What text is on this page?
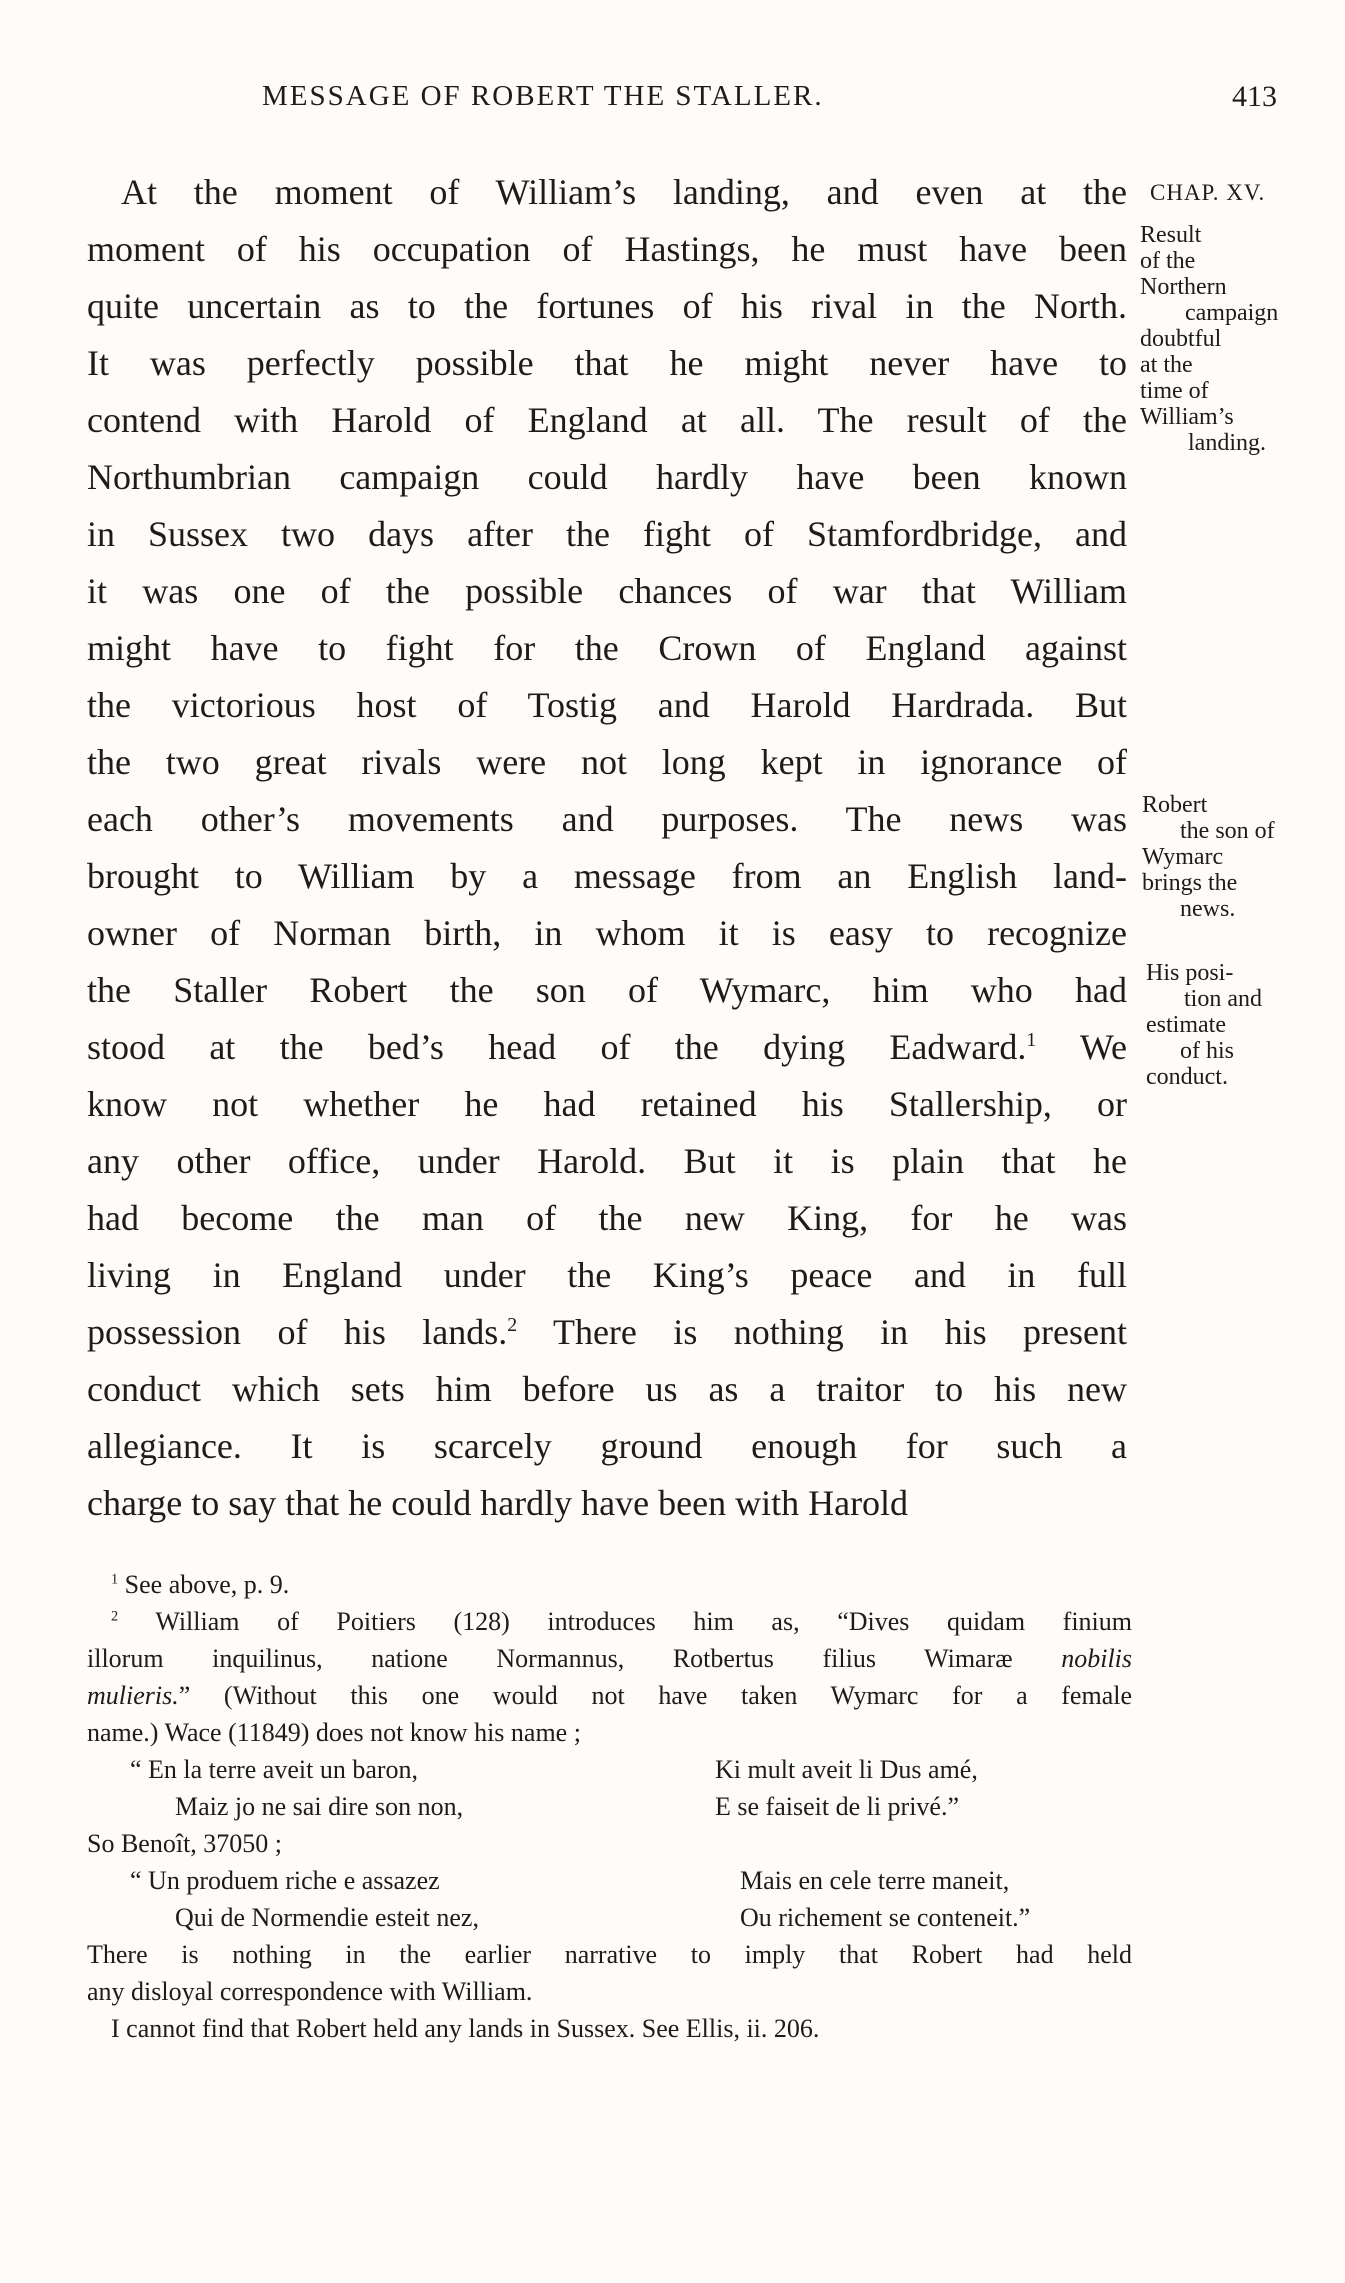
MESSAGE OF ROBERT THE STALLER.	413
At the moment of William’s landing, and even at the
moment of his occupation of Hastings, he must have been
quite uncertain as to the fortunes of his rival in the North.
It was perfectly possible that he might never have to
contend with Harold of England at all. The result of the
Northumbrian campaign could hardly have been known
in Sussex two days after the fight of Stamfordbridge, and
it was one of the possible chances of war that William
might have to fight for the Crown of England against
the victorious host of Tostig and Harold Hardrada. But
the two great rivals were not long kept in ignorance of
each other’s movements and purposes. The news was
brought to William by a message from an English land-
owner of Norman birth, in whom it is easy to recognize
the Staller Robert the son of Wymarc, him who had
stood at the bed’s head of the dying Eadward.$^1$ We
know not whether he had retained his Stallership, or
any other office, under Harold. But it is plain that he
had become the man of the new King, for he was
living in England under the King’s peace and in full
possession of his lands.$^2$ There is nothing in his present
conduct which sets him before us as a traitor to his new
allegiance. It is scarcely ground enough for such a
charge to say that he could hardly have been with Harold
CHAP. XV.
Result
of the
Northern
campaign
doubtful
at the
time of
William’s
landing.
Robert
the son of
Wymarc
brings the
news.
His posi-
tion and
estimate
of his
conduct.
$^1$ See above, p. 9.
$^2$ William of Poitiers (128) introduces him as, “Dives quidam finium
illorum inquilinus, natione Normannus, Rotbertus filius Wimaræ nobilis
mulieris.” (Without this one would not have taken Wymarc for a female
name.) Wace (11849) does not know his name ;
“ En la terre aveit un baron,	Ki mult aveit li Dus amé,
Maiz jo ne sai dire son non,	E se faiseit de li privé.”
So Benoît, 37050 ;
“ Un produem riche e assazez	Mais en cele terre maneit,
Qui de Normendie esteit nez,	Ou richement se conteneit.”
There is nothing in the earlier narrative to imply that Robert had held
any disloyal correspondence with William.
I cannot find that Robert held any lands in Sussex. See Ellis, ii. 206.
